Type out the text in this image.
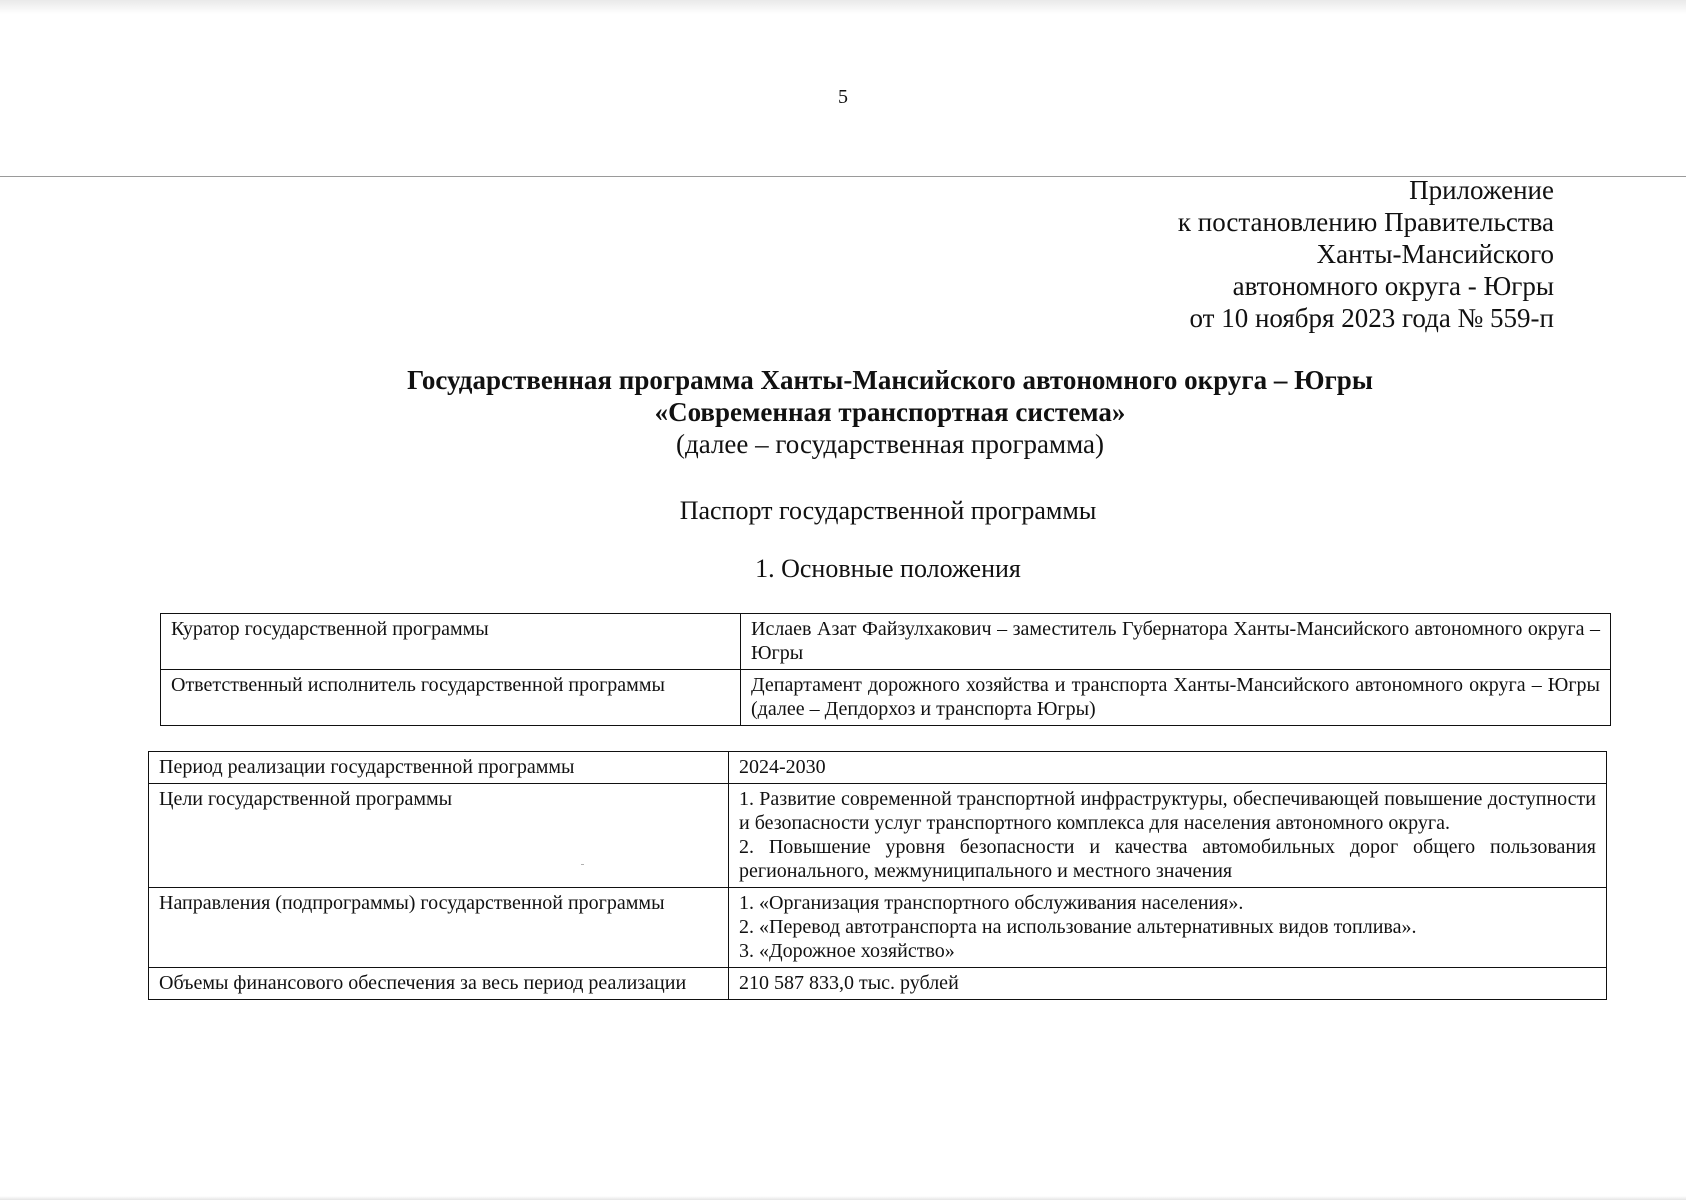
5
Приложение
к постановлению Правительства
Ханты-Мансийского
автономного округа - Югры
от 10 ноября 2023 года № 559-п
Государственная программа Ханты-Мансийского автономного округа – Югры
«Современная транспортная система»
(далее – государственная программа)
Паспорт государственной программы
1. Основные положения
Куратор государственной программы	Ислаев Азат Файзулхакович – заместитель Губернатора Ханты-Мансийского автономного округа – Югры
Ответственный исполнитель государственной программы	Департамент дорожного хозяйства и транспорта Ханты-Мансийского автономного округа – Югры (далее – Депдорхоз и транспорта Югры)
Период реализации государственной программы	2024-2030
Цели государственной программы	1. Развитие современной транспортной инфраструктуры, обеспечивающей повышение доступности и безопасности услуг транспортного комплекса для населения автономного округа.
2. Повышение уровня безопасности и качества автомобильных дорог общего пользования регионального, межмуниципального и местного значения

Направления (подпрограммы) государственной программы	1. «Организация транспортного обслуживания населения».
2. «Перевод автотранспорта на использование альтернативных видов топлива».
3. «Дорожное хозяйство»

Объемы финансового обеспечения за весь период реализации	210 587 833,0 тыс. рублей
